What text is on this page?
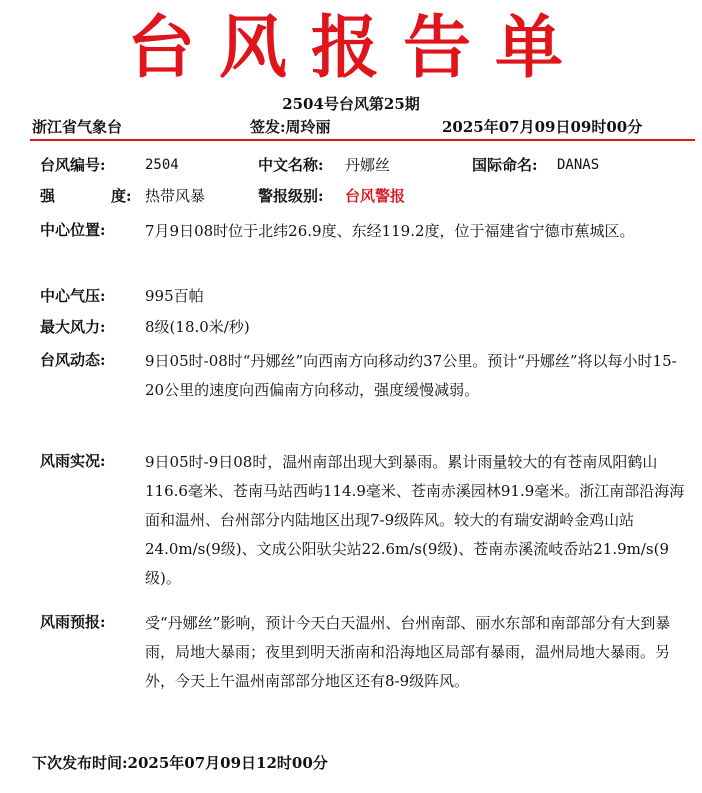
台风报告单
2504号台风第25期
浙江省气象台	签发:周玲丽	2025年07月09日09时00分
台风编号:	2504	中文名称: 丹娜丝	国际命名: DANAS
强度: 热带风暴	警报级别: 台风警报
中心位置:	7月9日08时位于北纬26.9度、东经119.2度，位于福建省宁德市蕉城区。
中心气压:	995百帕
最大风力:	8级(18.0米/秒)
台风动态:	9日05时-08时“丹娜丝”向西南方向移动约37公里。预计“丹娜丝”将以每小时15-20公里的速度向西偏南方向移动，强度缓慢减弱。
风雨实况:	9日05时-9日08时，温州南部出现大到暴雨。累计雨量较大的有苍南凤阳鹤山116.6毫米、苍南马站西屿114.9毫米、苍南赤溪园林91.9毫米。浙江南部沿海海面和温州、台州部分内陆地区出现7-9级阵风。较大的有瑞安湖岭金鸡山站24.0m/s(9级)、文成公阳驮尖站22.6m/s(9级)、苍南赤溪流岐岙站21.9m/s(9级)。
风雨预报:	受“丹娜丝”影响，预计今天白天温州、台州南部、丽水东部和南部部分有大到暴雨，局地大暴雨；夜里到明天浙南和沿海地区局部有暴雨，温州局地大暴雨。另外，今天上午温州南部部分地区还有8-9级阵风。
下次发布时间:2025年07月09日12时00分
